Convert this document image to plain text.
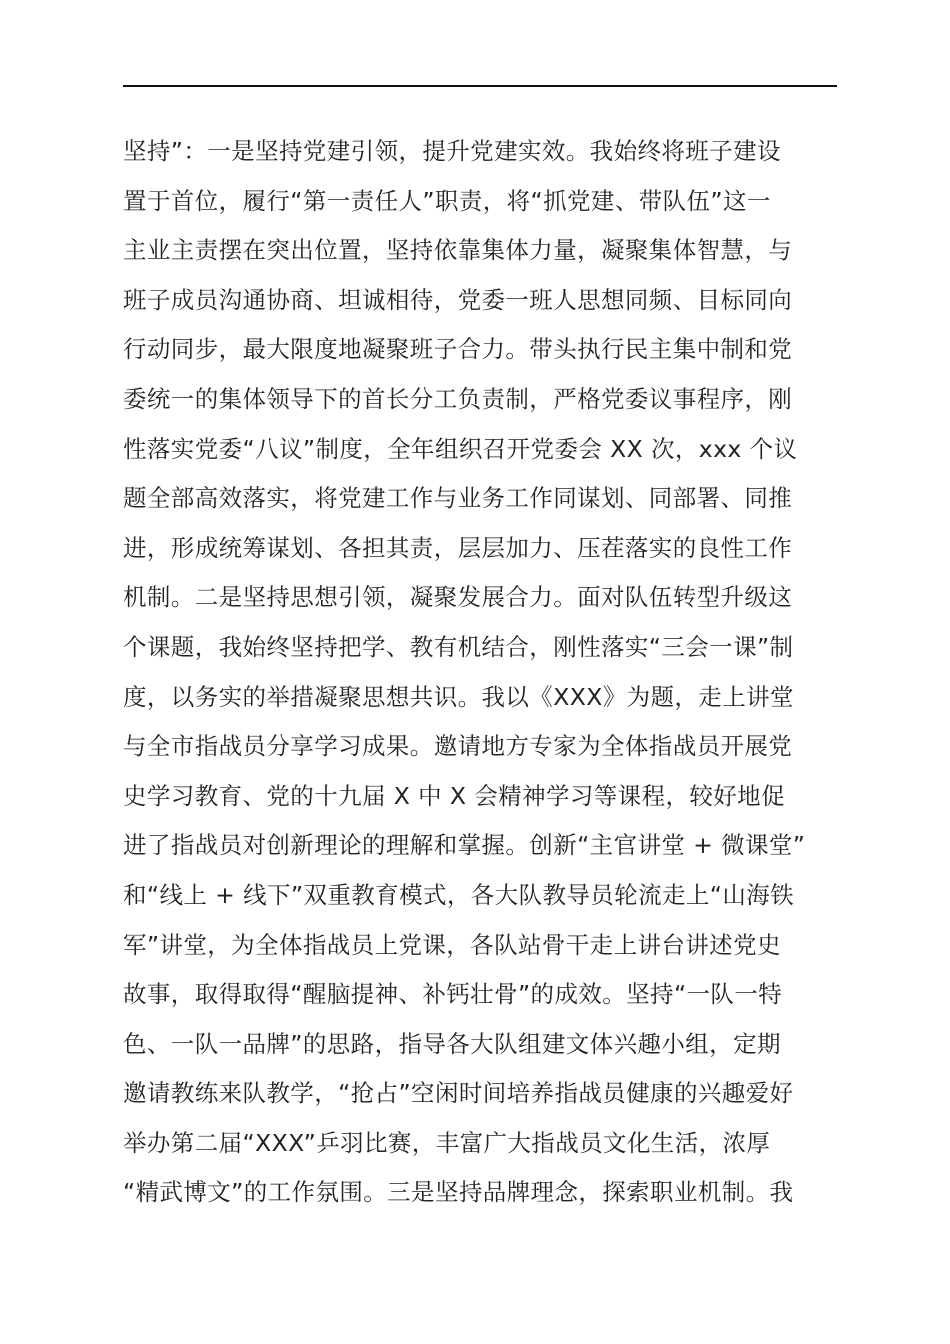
坚持”：一是坚持党建引领，提升党建实效。我始终将班子建设
置于首位，履行“第一责任人”职责，将“抓党建、带队伍”这一
主业主责摆在突出位置，坚持依靠集体力量，凝聚集体智慧，与
班子成员沟通协商、坦诚相待，党委一班人思想同频、目标同向
行动同步，最大限度地凝聚班子合力。带头执行民主集中制和党
委统一的集体领导下的首长分工负责制，严格党委议事程序，刚
性落实党委“八议”制度，全年组织召开党委会 XX 次，xxx 个议
题全部高效落实，将党建工作与业务工作同谋划、同部署、同推
进，形成统筹谋划、各担其责，层层加力、压茬落实的良性工作
机制。二是坚持思想引领，凝聚发展合力。面对队伍转型升级这
个课题，我始终坚持把学、教有机结合，刚性落实“三会一课”制
度，以务实的举措凝聚思想共识。我以《XXX》为题，走上讲堂
与全市指战员分享学习成果。邀请地方专家为全体指战员开展党
史学习教育、党的十九届 X 中 X 会精神学习等课程，较好地促
进了指战员对创新理论的理解和掌握。创新“主官讲堂 + 微课堂”
和“线上 + 线下”双重教育模式，各大队教导员轮流走上“山海铁
军”讲堂，为全体指战员上党课，各队站骨干走上讲台讲述党史
故事，取得取得“醒脑提神、补钙壮骨”的成效。坚持“一队一特
色、一队一品牌”的思路，指导各大队组建文体兴趣小组，定期
邀请教练来队教学，“抢占”空闲时间培养指战员健康的兴趣爱好
举办第二届“XXX”乒羽比赛，丰富广大指战员文化生活，浓厚
“精武博文”的工作氛围。三是坚持品牌理念，探索职业机制。我
